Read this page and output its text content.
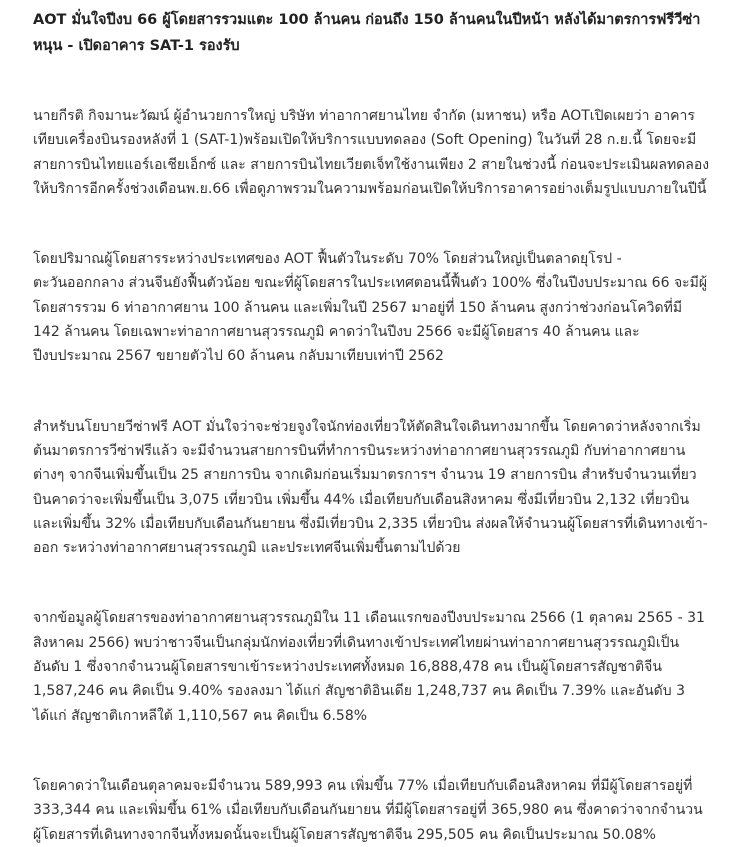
AOT มั่นใจปีงบ 66 ผู้โดยสารรวมแตะ 100 ล้านคน ก่อนถึง 150 ล้านคนในปีหน้า หลังได้มาตรการฟรีวีซ่าหนุน - เปิดอาคาร SAT-1 รองรับ

นายกีรติ กิจมานะวัฒน์ ผู้อำนวยการใหญ่ บริษัท ท่าอากาศยานไทย จำกัด (มหาชน) หรือ AOTเปิดเผยว่า อาคารเทียบเครื่องบินรองหลังที่ 1 (SAT-1)พร้อมเปิดให้บริการแบบทดลอง (Soft Opening) ในวันที่ 28 ก.ย.นี้ โดยจะมีสายการบินไทยแอร์เอเชียเอ็กซ์ และ สายการบินไทยเวียตเจ็ทใช้งานเพียง 2 สายในช่วงนี้ ก่อนจะประเมินผลทดลองให้บริการอีกครั้งช่วงเดือนพ.ย.66 เพื่อดูภาพรวมในความพร้อมก่อนเปิดให้บริการอาคารอย่างเต็มรูปแบบภายในปีนี้

โดยปริมาณผู้โดยสารระหว่างประเทศของ AOT ฟื้นตัวในระดับ 70% โดยส่วนใหญ่เป็นตลาดยุโรป - ตะวันออกกลาง ส่วนจีนยังฟื้นตัวน้อย ขณะที่ผู้โดยสารในประเทศตอนนี้ฟื้นตัว 100% ซึ่งในปีงบประมาณ 66 จะมีผู้โดยสารรวม 6 ท่าอากาศยาน 100 ล้านคน และเพิ่มในปี 2567 มาอยู่ที่ 150 ล้านคน สูงกว่าช่วงก่อนโควิดที่มี 142 ล้านคน โดยเฉพาะท่าอากาศยานสุวรรณภูมิ คาดว่าในปีงบ 2566 จะมีผู้โดยสาร 40 ล้านคน และปีงบประมาณ 2567 ขยายตัวไป 60 ล้านคน กลับมาเทียบเท่าปี 2562

สำหรับนโยบายวีซ่าฟรี AOT มั่นใจว่าจะช่วยจูงใจนักท่องเที่ยวให้ตัดสินใจเดินทางมากขึ้น โดยคาดว่าหลังจากเริ่มต้นมาตรการวีซ่าฟรีแล้ว จะมีจำนวนสายการบินที่ทำการบินระหว่างท่าอากาศยานสุวรรณภูมิ กับท่าอากาศยานต่างๆ จากจีนเพิ่มขึ้นเป็น 25 สายการบิน จากเดิมก่อนเริ่มมาตรการฯ จำนวน 19 สายการบิน สำหรับจำนวนเที่ยวบินคาดว่าจะเพิ่มขึ้นเป็น 3,075 เที่ยวบิน เพิ่มขึ้น 44% เมื่อเทียบกับเดือนสิงหาคม ซึ่งมีเที่ยวบิน 2,132 เที่ยวบิน และเพิ่มขึ้น 32% เมื่อเทียบกับเดือนกันยายน ซึ่งมีเที่ยวบิน 2,335 เที่ยวบิน ส่งผลให้จำนวนผู้โดยสารที่เดินทางเข้า-ออก ระหว่างท่าอากาศยานสุวรรณภูมิ และประเทศจีนเพิ่มขึ้นตามไปด้วย

จากข้อมูลผู้โดยสารของท่าอากาศยานสุวรรณภูมิใน 11 เดือนแรกของปีงบประมาณ 2566 (1 ตุลาคม 2565 - 31 สิงหาคม 2566) พบว่าชาวจีนเป็นกลุ่มนักท่องเที่ยวที่เดินทางเข้าประเทศไทยผ่านท่าอากาศยานสุวรรณภูมิเป็นอันดับ 1 ซึ่งจากจำนวนผู้โดยสารขาเข้าระหว่างประเทศทั้งหมด 16,888,478 คน เป็นผู้โดยสารสัญชาติจีน 1,587,246 คน คิดเป็น 9.40% รองลงมา ได้แก่ สัญชาติอินเดีย 1,248,737 คน คิดเป็น 7.39% และอันดับ 3 ได้แก่ สัญชาติเกาหลีใต้ 1,110,567 คน คิดเป็น 6.58%

โดยคาดว่าในเดือนตุลาคมจะมีจำนวน 589,993 คน เพิ่มขึ้น 77% เมื่อเทียบกับเดือนสิงหาคม ที่มีผู้โดยสารอยู่ที่ 333,344 คน และเพิ่มขึ้น 61% เมื่อเทียบกับเดือนกันยายน ที่มีผู้โดยสารอยู่ที่ 365,980 คน ซึ่งคาดว่าจากจำนวนผู้โดยสารที่เดินทางจากจีนทั้งหมดนั้นจะเป็นผู้โดยสารสัญชาติจีน 295,505 คน คิดเป็นประมาณ 50.08%
